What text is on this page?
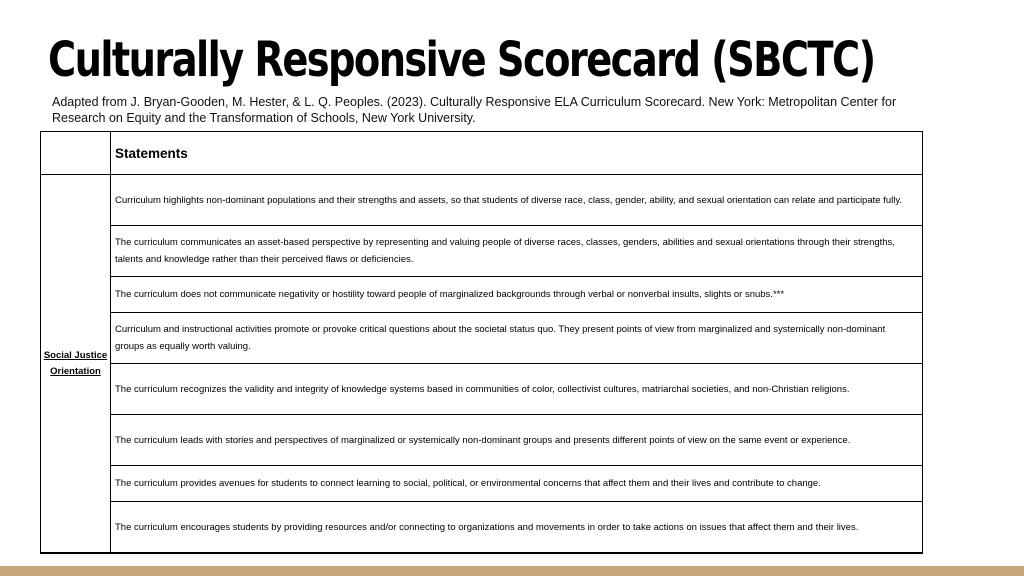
Culturally Responsive Scorecard (SBCTC)
Adapted from J. Bryan-Gooden, M. Hester, & L. Q. Peoples. (2023). Culturally Responsive ELA Curriculum Scorecard. New York: Metropolitan Center for Research on Equity and the Transformation of Schools, New York University.
	Statements

Social Justice
Orientation	Curriculum highlights non-dominant populations and their strengths and assets, so that students of diverse race, class, gender, ability, and sexual orientation can relate and participate fully.
	The curriculum communicates an asset-based perspective by representing and valuing people of diverse races, classes, genders, abilities and sexual orientations through their strengths, talents and knowledge rather than their perceived flaws or deficiencies.
	The curriculum does not communicate negativity or hostility toward people of marginalized backgrounds through verbal or nonverbal insults, slights or snubs.***
	Curriculum and instructional activities promote or provoke critical questions about the societal status quo. They present points of view from marginalized and systemically non-dominant groups as equally worth valuing.
	The curriculum recognizes the validity and integrity of knowledge systems based in communities of color, collectivist cultures, matriarchal societies, and non-Christian religions.
	The curriculum leads with stories and perspectives of marginalized or systemically non-dominant groups and presents different points of view on the same event or experience.
	The curriculum provides avenues for students to connect learning to social, political, or environmental concerns that affect them and their lives and contribute to change.
	The curriculum encourages students by providing resources and/or connecting to organizations and movements in order to take actions on issues that affect them and their lives.
